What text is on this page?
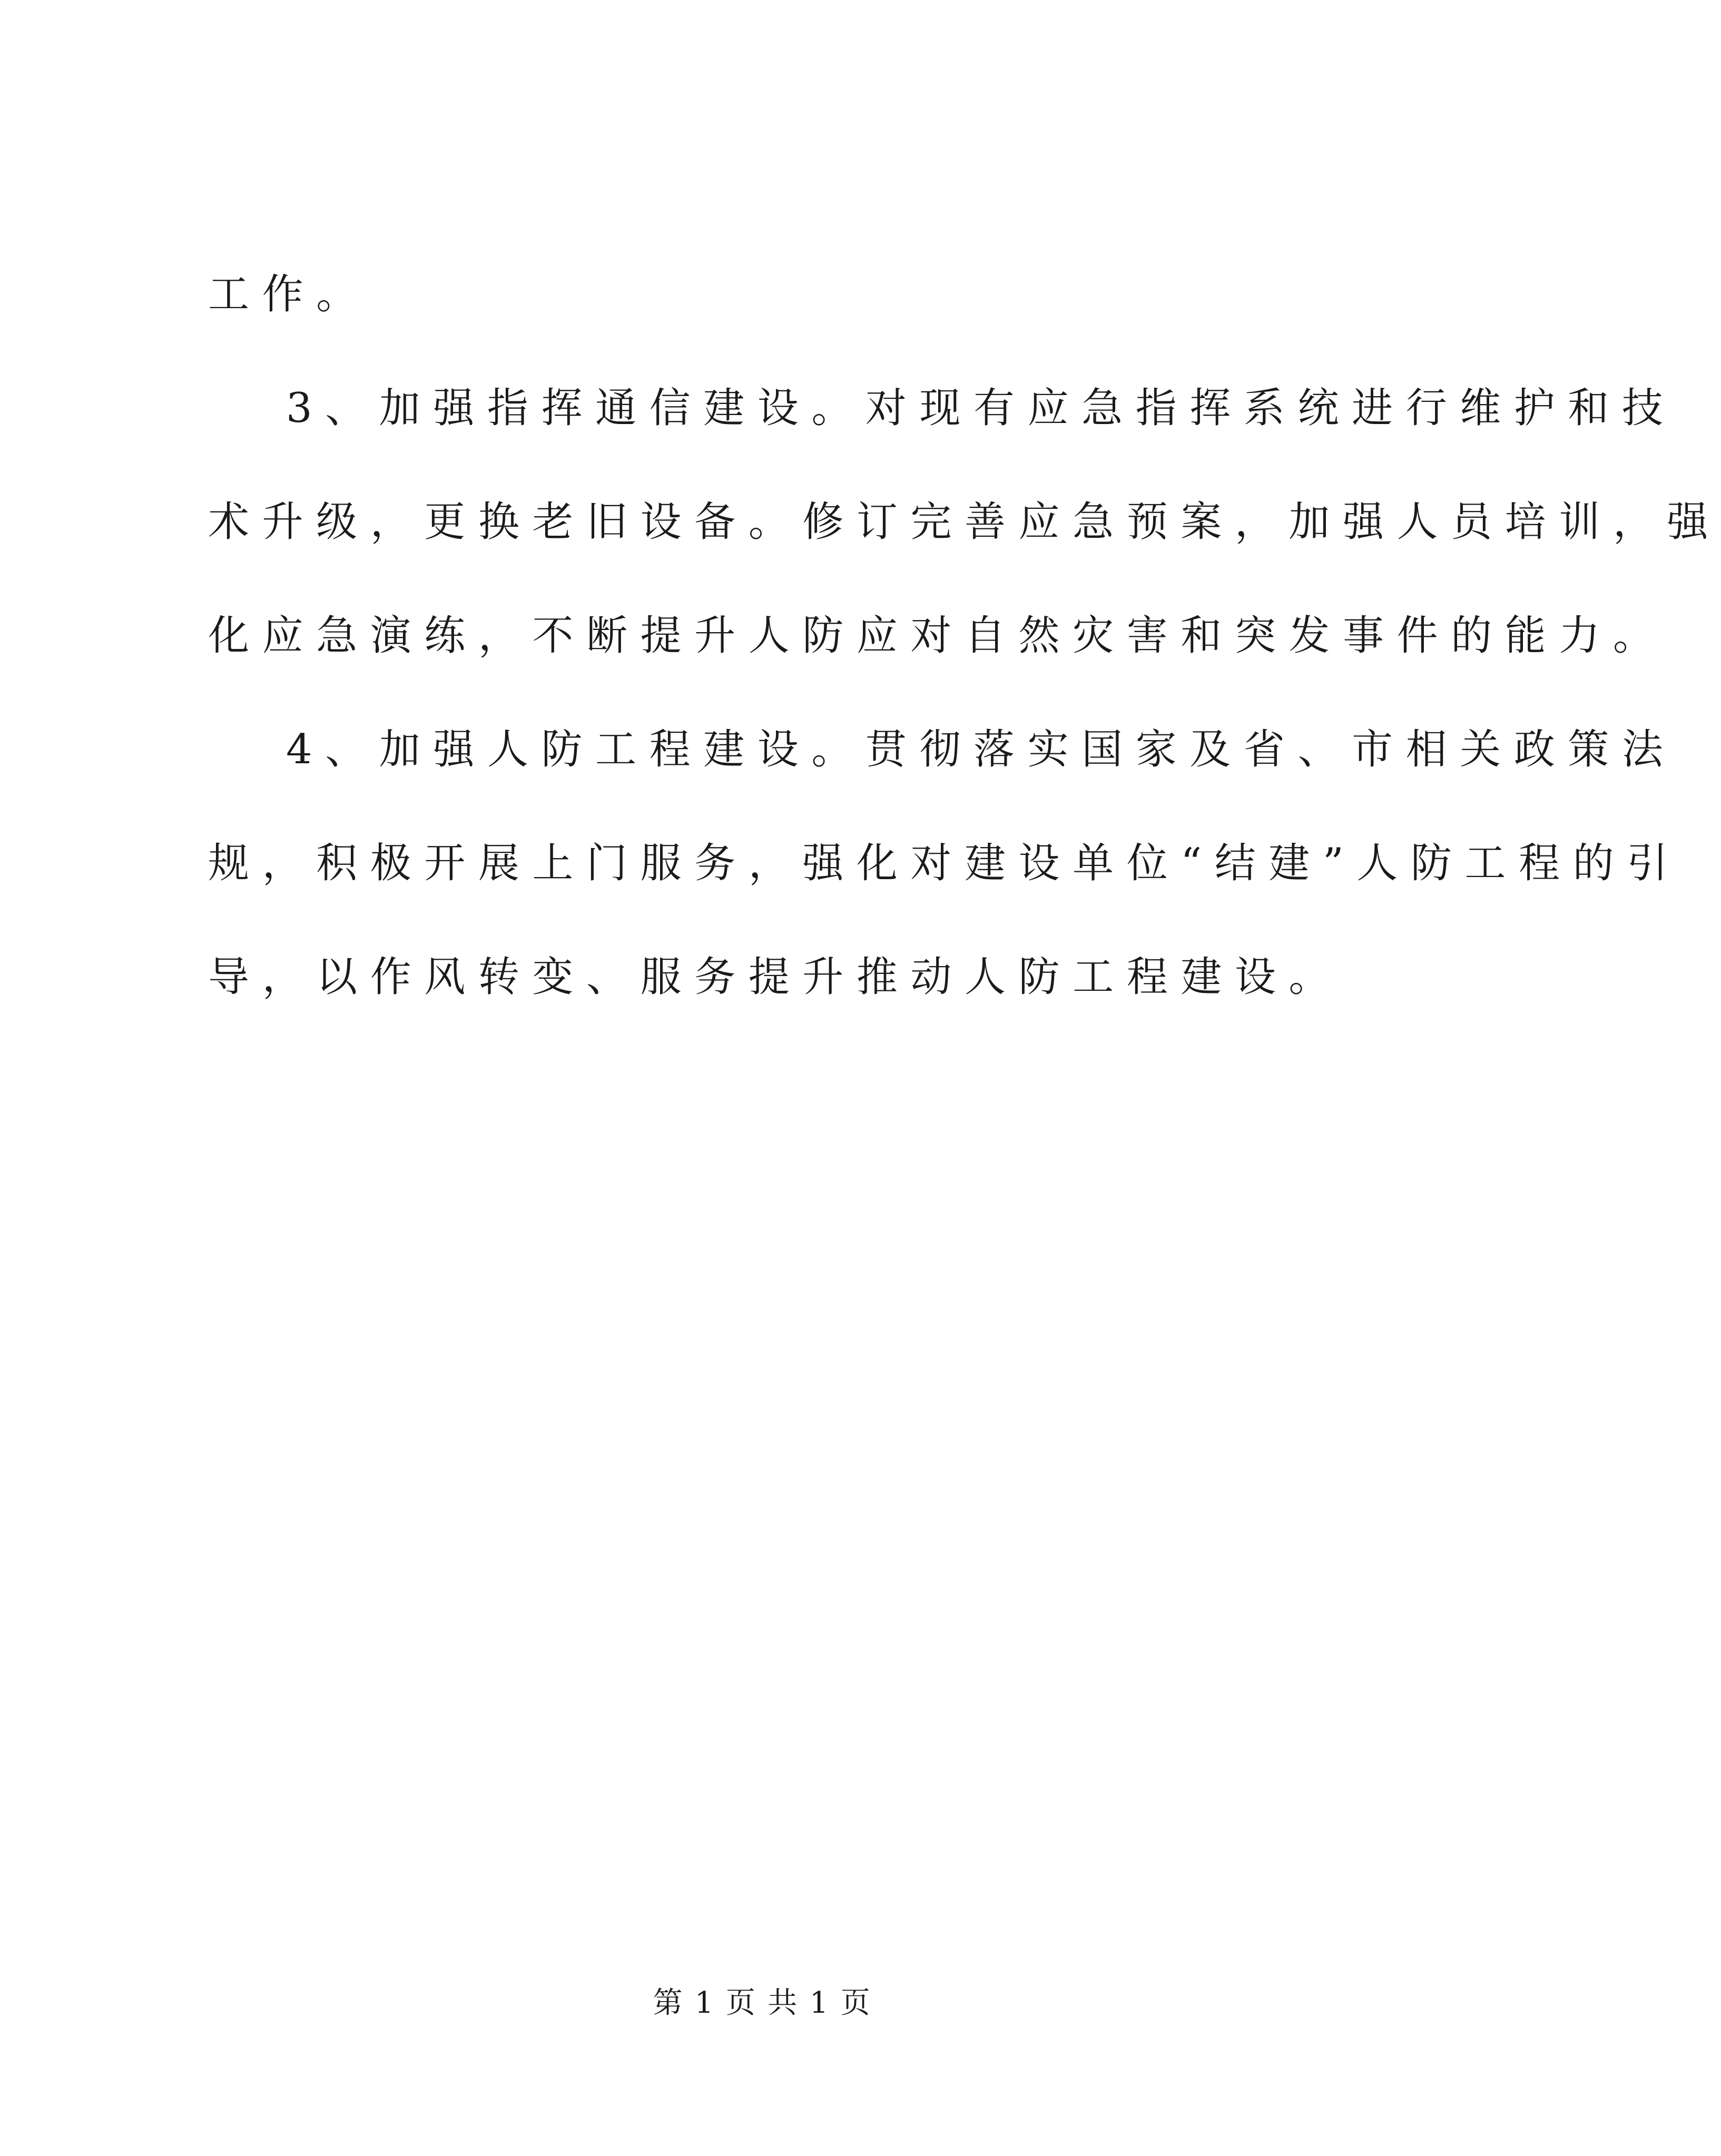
工作。
3、加强指挥通信建设。对现有应急指挥系统进行维护和技
术升级，更换老旧设备。修订完善应急预案，加强人员培训，强
化应急演练，不断提升人防应对自然灾害和突发事件的能力。
4、加强人防工程建设。贯彻落实国家及省、市相关政策法
规，积极开展上门服务，强化对建设单位“结建”人防工程的引
导，以作风转变、服务提升推动人防工程建设。
第 1 页 共 1 页
